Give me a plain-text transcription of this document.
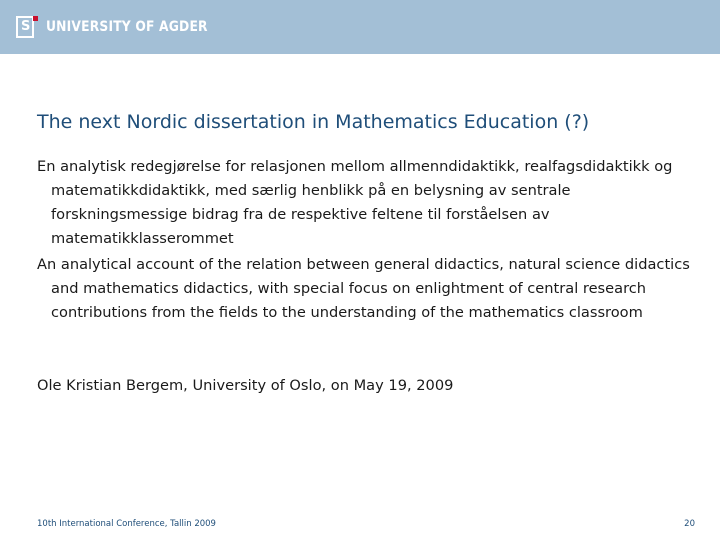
S UNIVERSITY OF AGDER
The next Nordic dissertation in Mathematics Education (?)
En analytisk redegjørelse for relasjonen mellom allmenndidaktikk, realfagsdidaktikk og matematikkdidaktikk, med særlig henblikk på en belysning av sentrale forskningsmessige bidrag fra de respektive feltene til forståelsen av matematikklasserommet
An analytical account of the relation between general didactics, natural science didactics and mathematics didactics, with special focus on enlightment of central research contributions from the fields to the understanding of the mathematics classroom
Ole Kristian Bergem, University of Oslo, on May 19, 2009
10th International Conference, Tallin 2009	20
